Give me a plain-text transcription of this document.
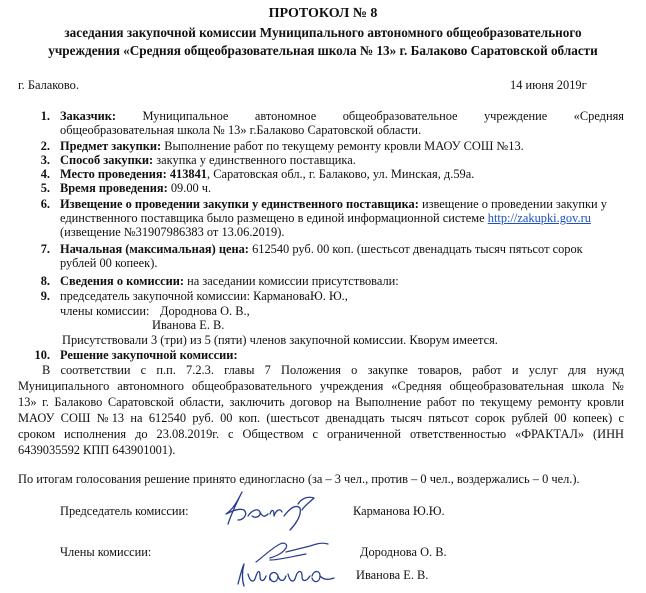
ПРОТОКОЛ № 8
заседания закупочной комиссии Муниципального автономного общеобразовательного
учреждения «Средняя общеобразовательная школа № 13» г. Балаково Саратовской области
г. Балаково.	14 июня 2019г
1. Заказчик: Муниципальное автономное общеобразовательное учреждение «Средняя
общеобразовательная школа № 13» г.Балаково Саратовской области.
2. Предмет закупки: Выполнение работ по текущему ремонту кровли МАОУ СОШ №13.
3. Способ закупки: закупка у единственного поставщика.
4. Место проведения: 413841, Саратовская обл., г. Балаково, ул. Минская, д.59а.
5. Время проведения: 09.00 ч.
6. Извещение о проведении закупки у единственного поставщика: извещение о проведении закупки у
единственного поставщика было размещено в единой информационной системе http://zakupki.gov.ru
(извещение №31907986383 от 13.06.2019).
7. Начальная (максимальная) цена: 612540 руб. 00 коп. (шестьсот двенадцать тысяч пятьсот сорок
рублей 00 копеек).
8. Сведения о комиссии: на заседании комиссии присутствовали:
9. председатель закупочной комиссии: КармановаЮ. Ю.,
члены комиссии: Дороднова О. В.,
Иванова Е. В.
Присутствовали 3 (три) из 5 (пяти) членов закупочной комиссии. Кворум имеется.
10. Решение закупочной комиссии:
В соответствии с п.п. 7.2.3. главы 7 Положения о закупке товаров, работ и услуг для нужд
Муниципального автономного общеобразовательного учреждения «Средняя общеобразовательная школа №
13» г. Балаково Саратовской области, заключить договор на Выполнение работ по текущему ремонту кровли
МАОУ СОШ №13 на 612540 руб. 00 коп. (шестьсот двенадцать тысяч пятьсот сорок рублей 00 копеек) с
сроком исполнения до 23.08.2019г. с Обществом с ограниченной ответственностью «ФРАКТАЛ» (ИНН
6439035592 КПП 643901001).
По итогам голосования решение принято единогласно (за – 3 чел., против – 0 чел., воздержались – 0 чел.).
Председатель комиссии:	Карманова Ю.Ю.
Члены комиссии:	Дороднова О. В.
Иванова Е. В.
